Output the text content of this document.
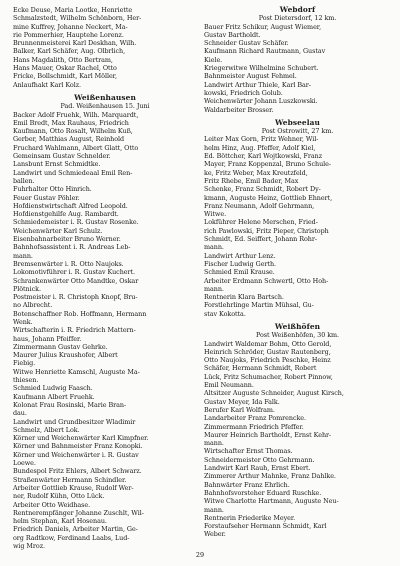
Ecke Deuse, Maria Lootke, Henriette

Schmalzstedt, Wilhelm Schönborn, Her-

mine Kuffrey, Johanne Neckert, Ma-

rie Pommerhier, Hauptehe Lorenz.

Brunnenmeisterei Karl Deskhan, Wilh.

Balker, Karl Schäfer, Aug. Olbrlich,

Hans Magdalith, Otto Bertram,

Hans Mauer, Oskar Rachel, Otto

Fricke, Bollschmidt, Karl Möller,

Anlaufhakt Karl Kolz.

Weißenhausen

Pad. Weißenhausen 15. Juni

Backer Adolf Fruehk, Wilh. Marquardt,

Emil Bredt, Max Rauhaus, Friedrich

Kaufmann, Otto Rosalt, Wilhelm Kuß,

Gerber, Matthias August, Reinhold

Fruchard Wahlmann, Albert Glatt, Otto

Gemeinsam Gustav Schnelder.

Lansbunt Ernst Schmidtke.

Landwirt und Schmiedeaal Emil Ren-

ballen.

Fuhrhalter Otto Hinrich.

Feuer Gustav Pöhler.

Hofdienstwirtschaft Alfred Leopold.

Hofdienstgehilfe Aug. Rambardt.

Schmiedemeister i. R. Gustav Rosenke.

Weichenwärter Karl Schulz.

Eisenbahnarbeiter Bruno Werner.

Bahnhofsassistent i. R. Andreas Leb-

mann.

Bremsenwärter i. R. Otto Naujoks.

Lokomotivführer i. R. Gustav Kuchert.

Schrankenwärter Otto Mandtke, Oskar

Plötnick.

Postmeister i. R. Christoph Knopf, Bru-

no Albrecht.

Botenschaffner Rob. Hoffmann, Hermann

Wenk.

Wirtschafterin i. R. Friedrich Mattern-

haus, Johann Pfeiffer.

Zimmermann Gustav Gehrke.

Maurer Julius Kraushofer, Albert

Fiebig.

Witwe Henriette Kamschl, Auguste Ma-

thiesen.

Schmied Ludwig Faasch.

Kaufmann Albert Fruehk.

Kolonat Frau Rosinski, Marie Bran-

dau.

Landwirt und Grundbesitzer Wladimir

Schmelz, Albert Lok.

Körner und Weichenwärter Karl Kimpfner.

Körner und Bahnmeister Franz Konopki.

Körner und Weichenwärter i. R. Gustav

Loewe.

Bundespol Fritz Ehlers, Albert Schwarz.

Straßenwärter Hermann Schindler.

Arbeiter Gottlieb Krause, Rudolf Wer-

ner, Rudolf Kühn, Otto Lück.

Arbeiter Otto Weidhase.

Rentnerempfänger Johanne Zuschlt, Wil-

helm Stephan, Karl Hosenau.

Friedrich Daniels, Arbeiter Martin, Ge-

org Radtkow, Ferdinand Laabs, Lud-

wig Mroz.

Webdorf

Post Dietersdorf, 12 km.

Bauer Fritz Schikur, August Wiemer,

Gustav Bartholdt.

Schneider Gustav Schäfer.

Kaufmann Richard Rautmann, Gustav

Kiele.

Kriegerwitwe Wilhelmine Schubert.

Bahnmeister August Fehmel.

Landwirt Arthur Thiele, Karl Bar-

kowski, Friedrich Golub.

Weichenwärter Johann Luszkowski.

Waldarbeiter Brosser.

Webseelau

Post Ostrowitt, 27 km.

Leiter Max Gorn, Fritz Wehner, Wil-

helm Hinz, Aug. Pfeffer, Adolf Kiel,

Ed. Böttcher, Karl Wojtkowski, Franz

Mayer, Franz Koppenzal, Bruno Schule-

ke, Fritz Weber, Max Kreutzfeld,

Fritz Rhebe, Emil Bader, Max

Schenke, Franz Schmidt, Robert Dy-

kmann, Auguste Heinz, Gottlieb Ehnert,

Franz Neumann, Adolf Gehrmann,

Witwe.

Lokführer Helene Merschen, Fried-

rich Pawlowski, Fritz Pieper, Christoph

Schmidt, Ed. Seiffert, Johann Rohr-

mann.

Landwirt Arthur Lenz.

Fischer Ludwig Gerth.

Schmied Emil Krause.

Arbeiter Erdmann Schwertl, Otto Hoh-

mann.

Rentnerin Klara Bartsch.

Forstlehrlinge Martin Mühsal, Gu-

stav Kokotta.

Weißhöfen

Post Weißenhöfen, 30 km.

Landwirt Waldemar Bohm, Otto Gerold,

Heinrich Schröder, Gustav Rautenberg,

Otto Naujoks, Friedrich Peschke, Heinz

Schäfer, Hermann Schmidt, Robert

Lück, Fritz Schumacher, Robert Pinnow,

Emil Neumann.

Altsitzer Auguste Schneider, August Kirsch,

Gustav Meyer, Ida Falk.

Berufer Karl Wolfram.

Landarbeiter Franz Pomrencke.

Zimmermann Friedrich Pfeffer.

Maurer Heinrich Bartholdt, Ernst Kehr-

mann.

Wirtschafter Ernst Thomas.

Schneidermeister Otto Gehrmann.

Landwirt Karl Rauh, Ernst Ebert.

Zimmerer Arthur Mahnke, Franz Dahlke.

Bahnwärter Franz Ehrlich.

Bahnhofsvorsteher Eduard Ruschke.

Witwe Charlotte Hartmann, Auguste Neu-

mann.

Rentnerin Friederike Meyer.

Forstaufseher Hermann Schmidt, Karl

Weber.

29
